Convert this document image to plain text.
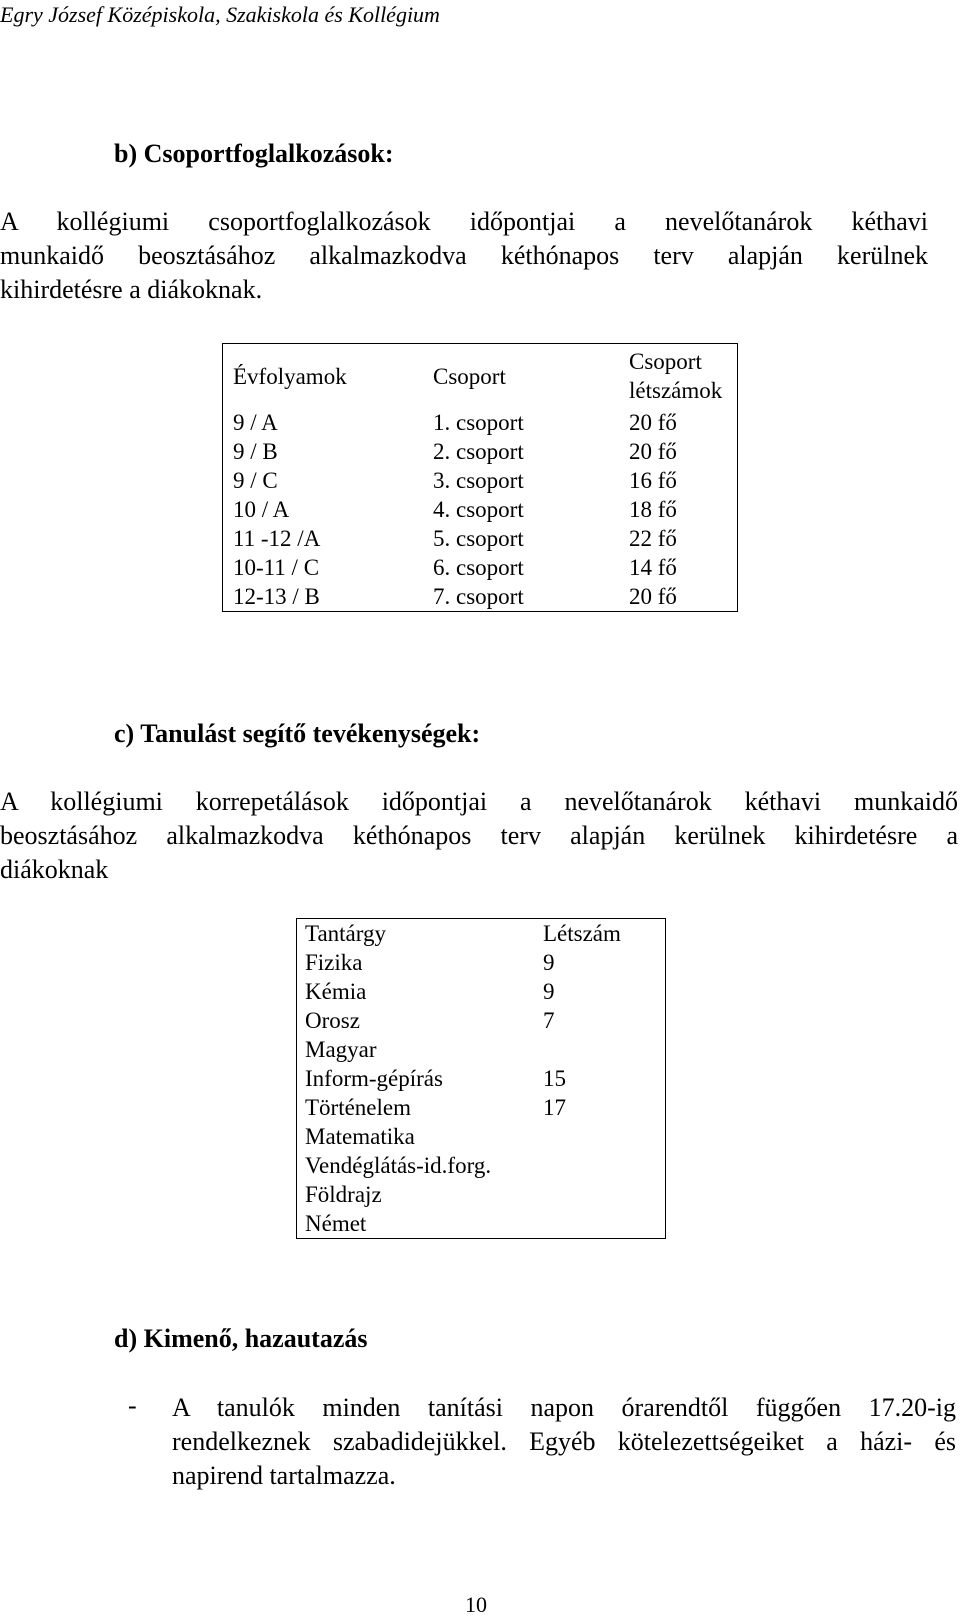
Egry József Középiskola, Szakiskola és Kollégium
b) Csoportfoglalkozások:
A kollégiumi csoportfoglalkozások időpontjai a nevelőtanárok kéthavi
munkaidő beosztásához alkalmazkodva kéthónapos terv alapján kerülnek
kihirdetésre a diákoknak.
Évfolyamok	Csoport	Csoport létszámok
9 / A	1. csoport	20 fő
9 / B	2. csoport	20 fő
9 / C	3. csoport	16 fő
10 / A	4. csoport	18 fő
11 -12 /A	5. csoport	22 fő
10-11 / C	6. csoport	14 fő
12-13 / B	7. csoport	20 fő
c) Tanulást segítő tevékenységek:
A kollégiumi korrepetálások időpontjai a nevelőtanárok kéthavi munkaidő
beosztásához alkalmazkodva kéthónapos terv alapján kerülnek kihirdetésre a
diákoknak
Tantárgy	Létszám
Fizika	9
Kémia	9
Orosz	7
Magyar	
Inform-gépírás	15
Történelem	17
Matematika	
Vendéglátás-id.forg.	
Földrajz	
Német	
d) Kimenő, hazautazás
- A tanulók minden tanítási napon órarendtől függően 17.20-ig
rendelkeznek szabadidejükkel. Egyéb kötelezettségeiket a házi- és
napirend tartalmazza.
10
